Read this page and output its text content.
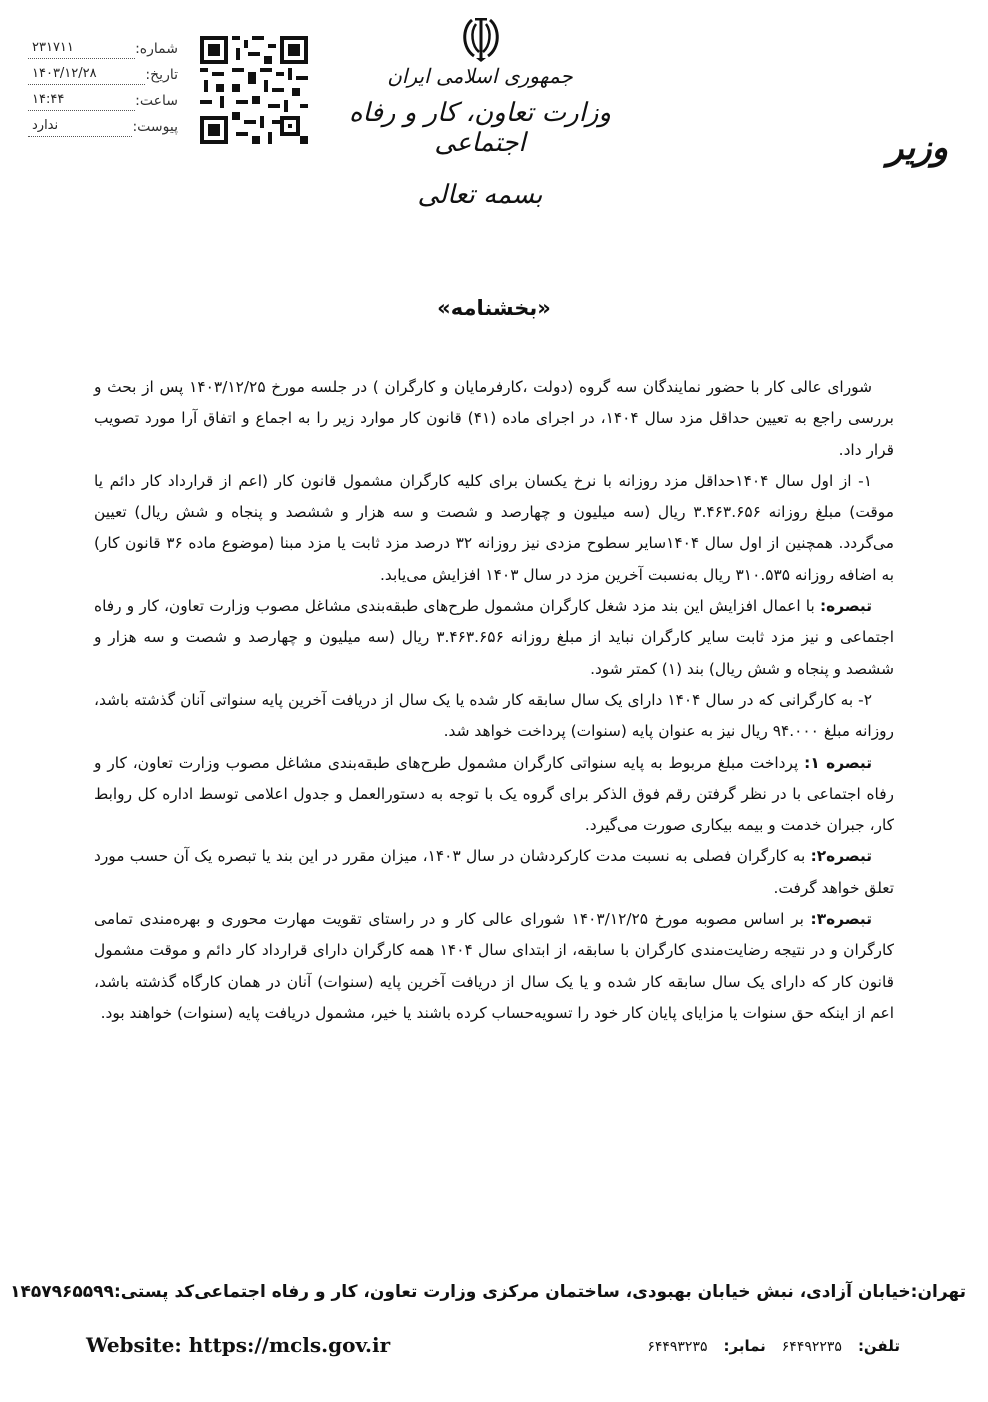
شماره:
۲۳۱۷۱۱
تاریخ:
۱۴۰۳/۱۲/۲۸
ساعت:
۱۴:۴۴
پیوست:
ندارد
جمهوری اسلامی ایران
وزارت تعاون، کار و رفاه اجتماعی
بسمه تعالی
وزیر
«بخشنامه»

شورای عالی کار با حضور نمایندگان سه گروه (دولت ،کارفرمایان و کارگران ) در جلسه مورخ ۱۴۰۳/۱۲/۲۵ پس از بحث و بررسی راجع به تعیین حداقل مزد سال ۱۴۰۴، در اجرای ماده (۴۱) قانون کار موارد زیر را به اجماع و اتفاق آرا مورد تصویب قرار داد.

۱- از اول سال ۱۴۰۴حداقل مزد روزانه با نرخ یکسان برای کلیه کارگران مشمول قانون کار (اعم از قرارداد کار دائم یا موقت) مبلغ روزانه ۳.۴۶۳.۶۵۶ ریال (سه میلیون و چهارصد و شصت و سه هزار و ششصد و پنجاه و شش ریال) تعیین می‌گردد. همچنین از اول سال ۱۴۰۴سایر سطوح مزدی نیز روزانه ۳۲ درصد مزد ثابت یا مزد مبنا (موضوع ماده ۳۶ قانون کار) به اضافه روزانه ۳۱۰.۵۳۵ ریال به‌نسبت آخرین مزد در سال ۱۴۰۳ افزایش می‌یابد.

تبصره: با اعمال افزایش این بند مزد شغل کارگران مشمول طرح‌های طبقه‌بندی مشاغل مصوب وزارت تعاون، کار و رفاه اجتماعی و نیز مزد ثابت سایر کارگران نباید از مبلغ روزانه ۳.۴۶۳.۶۵۶ ریال (سه میلیون و چهارصد و شصت و سه هزار و ششصد و پنجاه و شش ریال) بند (۱) کمتر شود.

۲- به کارگرانی که در سال ۱۴۰۴ دارای یک سال سابقه کار شده یا یک سال از دریافت آخرین پایه سنواتی آنان گذشته باشد، روزانه مبلغ ۹۴.۰۰۰ ریال نیز به عنوان پایه (سنوات) پرداخت خواهد شد.

تبصره ۱: پرداخت مبلغ مربوط به پایه سنواتی کارگران مشمول طرح‌های طبقه‌بندی مشاغل مصوب وزارت تعاون، کار و رفاه اجتماعی با در نظر گرفتن رقم فوق الذکر برای گروه یک با توجه به دستورالعمل و جدول اعلامی توسط اداره کل روابط کار، جبران خدمت و بیمه بیکاری صورت می‌گیرد.

تبصره۲: به کارگران فصلی به نسبت مدت کارکردشان در سال ۱۴۰۳، میزان مقرر در این بند یا تبصره یک آن حسب مورد تعلق خواهد گرفت.

تبصره۳: بر اساس مصوبه مورخ ۱۴۰۳/۱۲/۲۵ شورای عالی کار و در راستای تقویت مهارت محوری و بهره‌مندی تمامی کارگران و در نتیجه رضایت‌مندی کارگران با سابقه، از ابتدای سال ۱۴۰۴ همه کارگران دارای قرارداد کار دائم و موقت مشمول قانون کار که دارای یک سال سابقه کار شده و یا یک سال از دریافت آخرین پایه (سنوات) آنان در همان کارگاه گذشته باشد، اعم از اینکه حق سنوات یا مزایای پایان کار خود را تسویه‌حساب کرده باشند یا خیر، مشمول دریافت پایه (سنوات) خواهند بود.

تهران:خیابان آزادی، نبش خیابان بهبودی، ساختمان مرکزی وزارت تعاون، کار و رفاه اجتماعی
کد پستی:۱۴۵۷۹۶۵۵۹۹
تلفن:
۶۴۴۹۲۲۳۵
نمابر:
۶۴۴۹۳۲۳۵
Website: https://mcls.gov.ir
